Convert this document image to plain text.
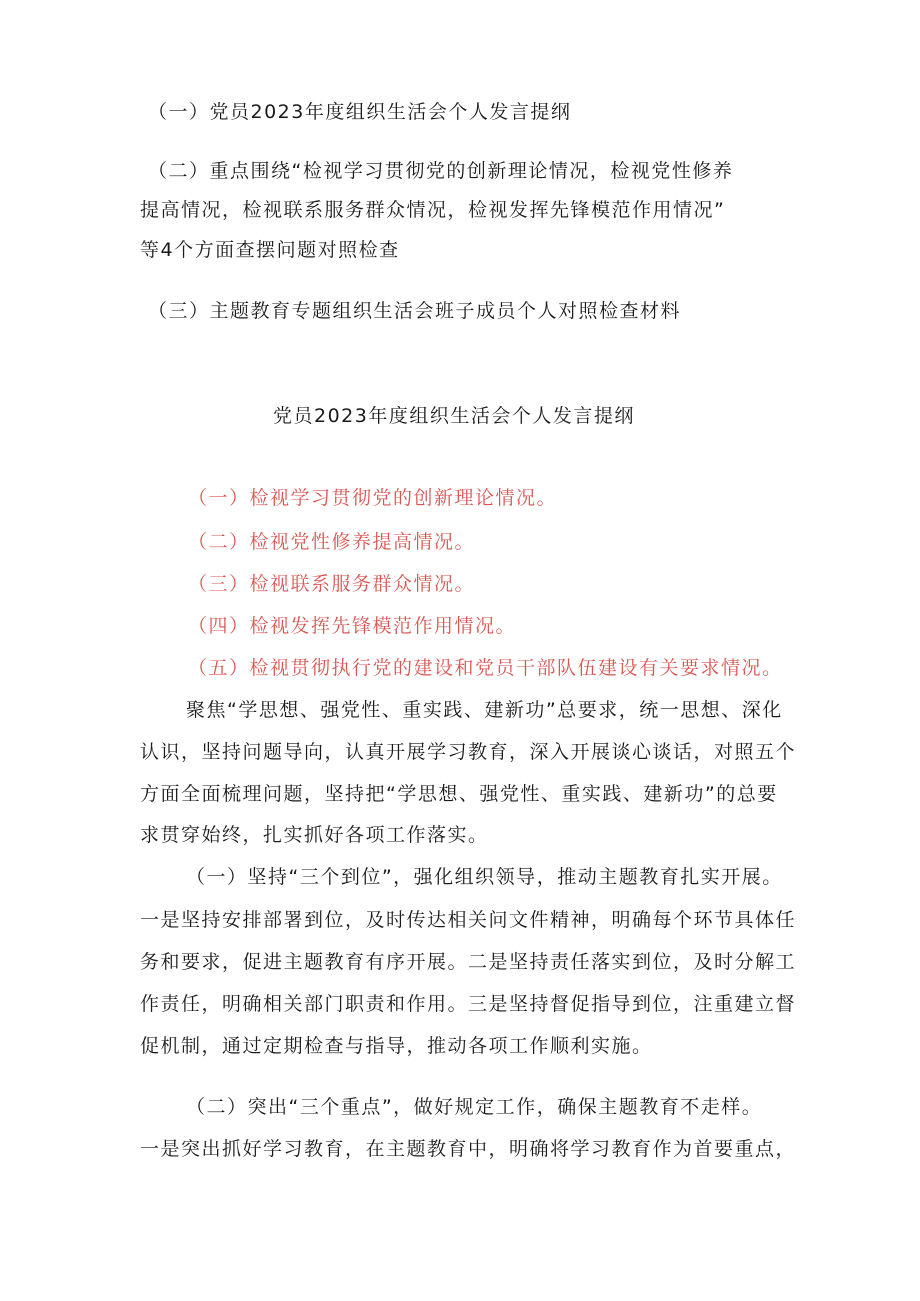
（一）党员2023年度组织生活会个人发言提纲
（二）重点围绕“检视学习贯彻党的创新理论情况，检视党性修养
提高情况，检视联系服务群众情况，检视发挥先锋模范作用情况”
等4个方面查摆问题对照检查
（三）主题教育专题组织生活会班子成员个人对照检查材料
党员2023年度组织生活会个人发言提纲
（一）检视学习贯彻党的创新理论情况。
（二）检视党性修养提高情况。
（三）检视联系服务群众情况。
（四）检视发挥先锋模范作用情况。
（五）检视贯彻执行党的建设和党员干部队伍建设有关要求情况。
聚焦“学思想、强党性、重实践、建新功”总要求，统一思想、深化
认识，坚持问题导向，认真开展学习教育，深入开展谈心谈话，对照五个
方面全面梳理问题，坚持把“学思想、强党性、重实践、建新功”的总要
求贯穿始终，扎实抓好各项工作落实。
（一）坚持“三个到位”，强化组织领导，推动主题教育扎实开展。
一是坚持安排部署到位，及时传达相关问文件精神，明确每个环节具体任
务和要求，促进主题教育有序开展。二是坚持责任落实到位，及时分解工
作责任，明确相关部门职责和作用。三是坚持督促指导到位，注重建立督
促机制，通过定期检查与指导，推动各项工作顺利实施。
（二）突出“三个重点”，做好规定工作，确保主题教育不走样。
一是突出抓好学习教育，在主题教育中，明确将学习教育作为首要重点，
